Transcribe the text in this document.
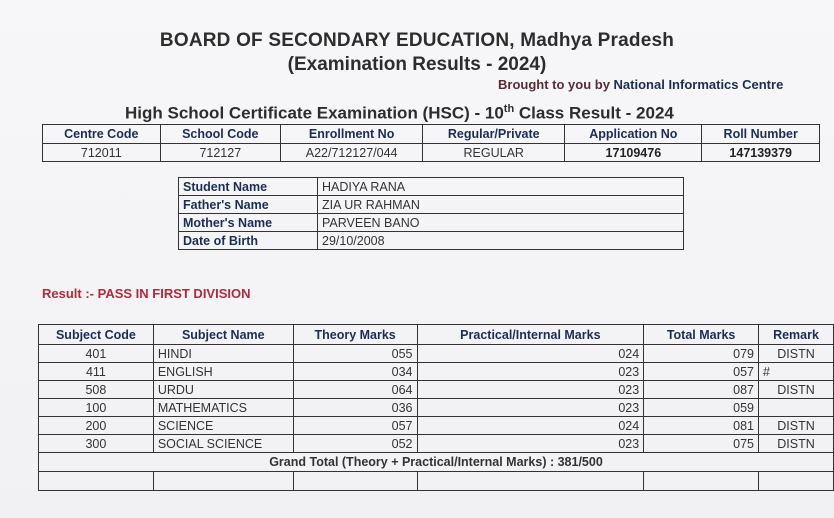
BOARD OF SECONDARY EDUCATION, Madhya Pradesh
(Examination Results - 2024)
Brought to you by National Informatics Centre
High School Certificate Examination (HSC) - 10th Class Result - 2024
Centre Code	School Code	Enrollment No	Regular/Private	Application No	Roll Number
712011	712127	A22/712127/044	REGULAR	17109476	147139379
Student Name	HADIYA RANA
Father's Name	ZIA UR RAHMAN
Mother's Name	PARVEEN BANO
Date of Birth	29/10/2008
Result :- PASS IN FIRST DIVISION
Subject Code	Subject Name	Theory Marks	Practical/Internal Marks	Total Marks	Remark
401	HINDI	055	024	079	DISTN
411	ENGLISH	034	023	057	#
508	URDU	064	023	087	DISTN
100	MATHEMATICS	036	023	059	
200	SCIENCE	057	024	081	DISTN
300	SOCIAL SCIENCE	052	023	075	DISTN
Grand Total (Theory + Practical/Internal Marks) : 381/500					
